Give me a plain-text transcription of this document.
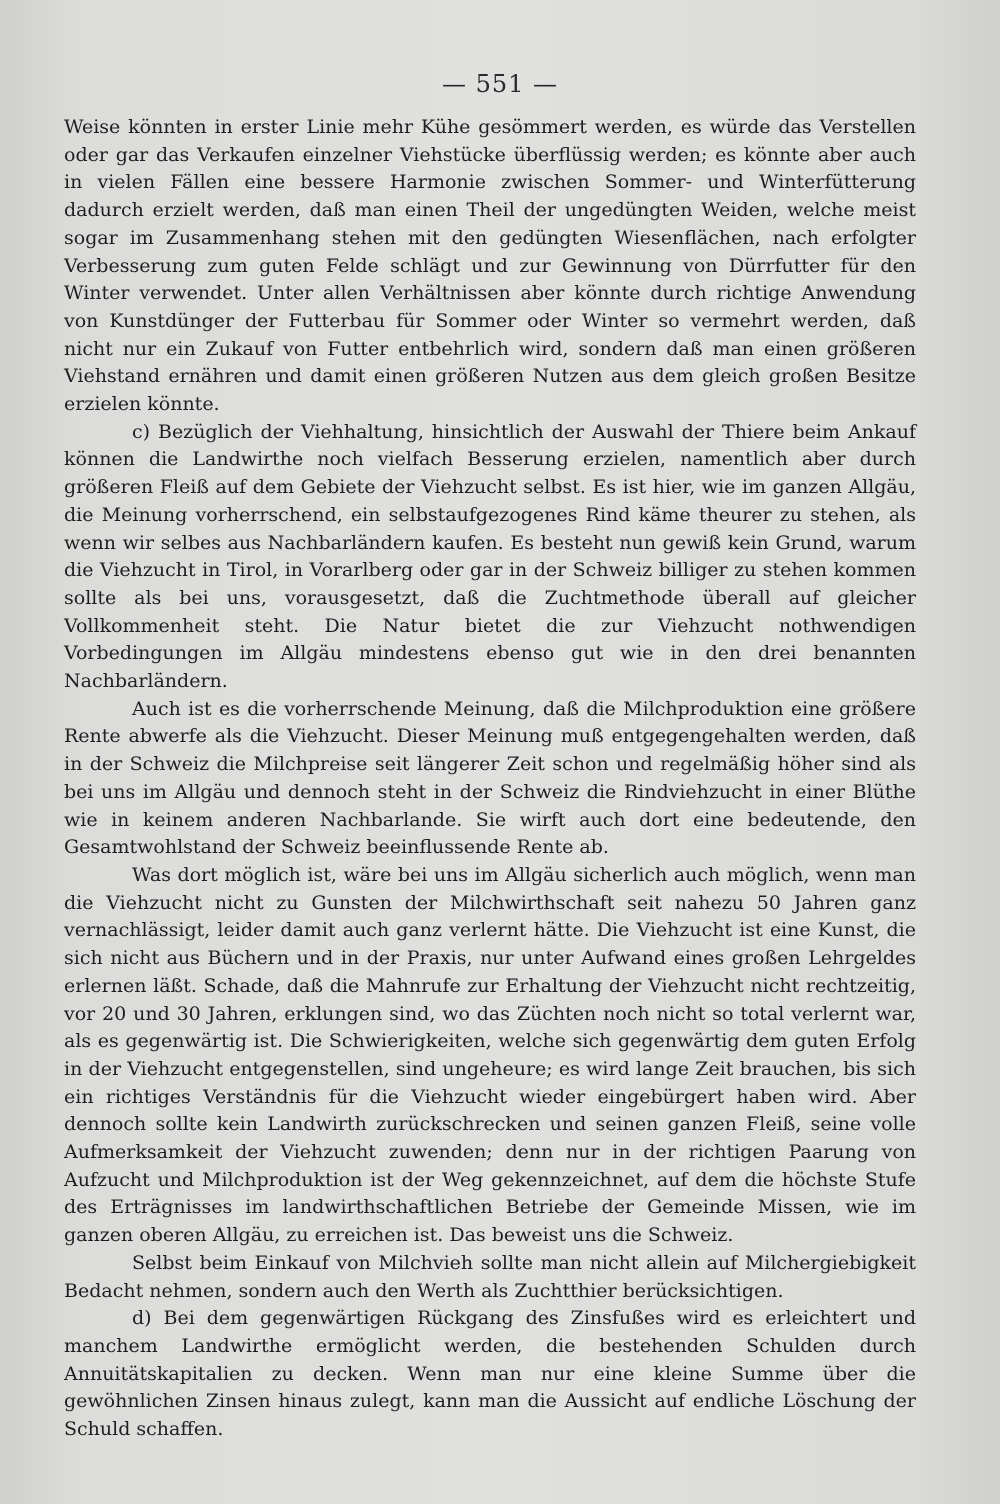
— 551 —

Weise könnten in erster Linie mehr Kühe gesömmert werden, es würde das Verstellen oder gar das Verkaufen einzelner Viehstücke überflüssig werden; es könnte aber auch in vielen Fällen eine bessere Harmonie zwischen Sommer- und Winterfütterung dadurch erzielt werden, daß man einen Theil der ungedüngten Weiden, welche meist sogar im Zusammenhang stehen mit den gedüngten Wiesenflächen, nach erfolgter Verbesserung zum guten Felde schlägt und zur Gewinnung von Dürrfutter für den Winter verwendet. Unter allen Verhältnissen aber könnte durch richtige Anwendung von Kunstdünger der Futterbau für Sommer oder Winter so vermehrt werden, daß nicht nur ein Zukauf von Futter entbehrlich wird, sondern daß man einen größeren Viehstand ernähren und damit einen größeren Nutzen aus dem gleich großen Besitze erzielen könnte.

c) Bezüglich der Viehhaltung, hinsichtlich der Auswahl der Thiere beim Ankauf können die Landwirthe noch vielfach Besserung erzielen, namentlich aber durch größeren Fleiß auf dem Gebiete der Viehzucht selbst. Es ist hier, wie im ganzen Allgäu, die Meinung vorherrschend, ein selbstaufgezogenes Rind käme theurer zu stehen, als wenn wir selbes aus Nachbarländern kaufen. Es besteht nun gewiß kein Grund, warum die Viehzucht in Tirol, in Vorarlberg oder gar in der Schweiz billiger zu stehen kommen sollte als bei uns, vorausgesetzt, daß die Zuchtmethode überall auf gleicher Vollkommenheit steht. Die Natur bietet die zur Viehzucht nothwendigen Vorbedingungen im Allgäu mindestens ebenso gut wie in den drei benannten Nachbarländern.

Auch ist es die vorherrschende Meinung, daß die Milchproduktion eine größere Rente abwerfe als die Viehzucht. Dieser Meinung muß entgegengehalten werden, daß in der Schweiz die Milchpreise seit längerer Zeit schon und regelmäßig höher sind als bei uns im Allgäu und dennoch steht in der Schweiz die Rindviehzucht in einer Blüthe wie in keinem anderen Nachbarlande. Sie wirft auch dort eine bedeutende, den Gesamtwohlstand der Schweiz beeinflussende Rente ab.

Was dort möglich ist, wäre bei uns im Allgäu sicherlich auch möglich, wenn man die Viehzucht nicht zu Gunsten der Milchwirthschaft seit nahezu 50 Jahren ganz vernachlässigt, leider damit auch ganz verlernt hätte. Die Viehzucht ist eine Kunst, die sich nicht aus Büchern und in der Praxis, nur unter Aufwand eines großen Lehrgeldes erlernen läßt. Schade, daß die Mahnrufe zur Erhaltung der Viehzucht nicht rechtzeitig, vor 20 und 30 Jahren, erklungen sind, wo das Züchten noch nicht so total verlernt war, als es gegenwärtig ist. Die Schwierigkeiten, welche sich gegenwärtig dem guten Erfolg in der Viehzucht entgegenstellen, sind ungeheure; es wird lange Zeit brauchen, bis sich ein richtiges Verständnis für die Viehzucht wieder eingebürgert haben wird. Aber dennoch sollte kein Landwirth zurückschrecken und seinen ganzen Fleiß, seine volle Aufmerksamkeit der Viehzucht zuwenden; denn nur in der richtigen Paarung von Aufzucht und Milchproduktion ist der Weg gekennzeichnet, auf dem die höchste Stufe des Erträgnisses im landwirthschaftlichen Betriebe der Gemeinde Missen, wie im ganzen oberen Allgäu, zu erreichen ist. Das beweist uns die Schweiz.

Selbst beim Einkauf von Milchvieh sollte man nicht allein auf Milchergiebigkeit Bedacht nehmen, sondern auch den Werth als Zuchtthier berücksichtigen.

d) Bei dem gegenwärtigen Rückgang des Zinsfußes wird es erleichtert und manchem Landwirthe ermöglicht werden, die bestehenden Schulden durch Annuitätskapitalien zu decken. Wenn man nur eine kleine Summe über die gewöhnlichen Zinsen hinaus zulegt, kann man die Aussicht auf endliche Löschung der Schuld schaffen.
